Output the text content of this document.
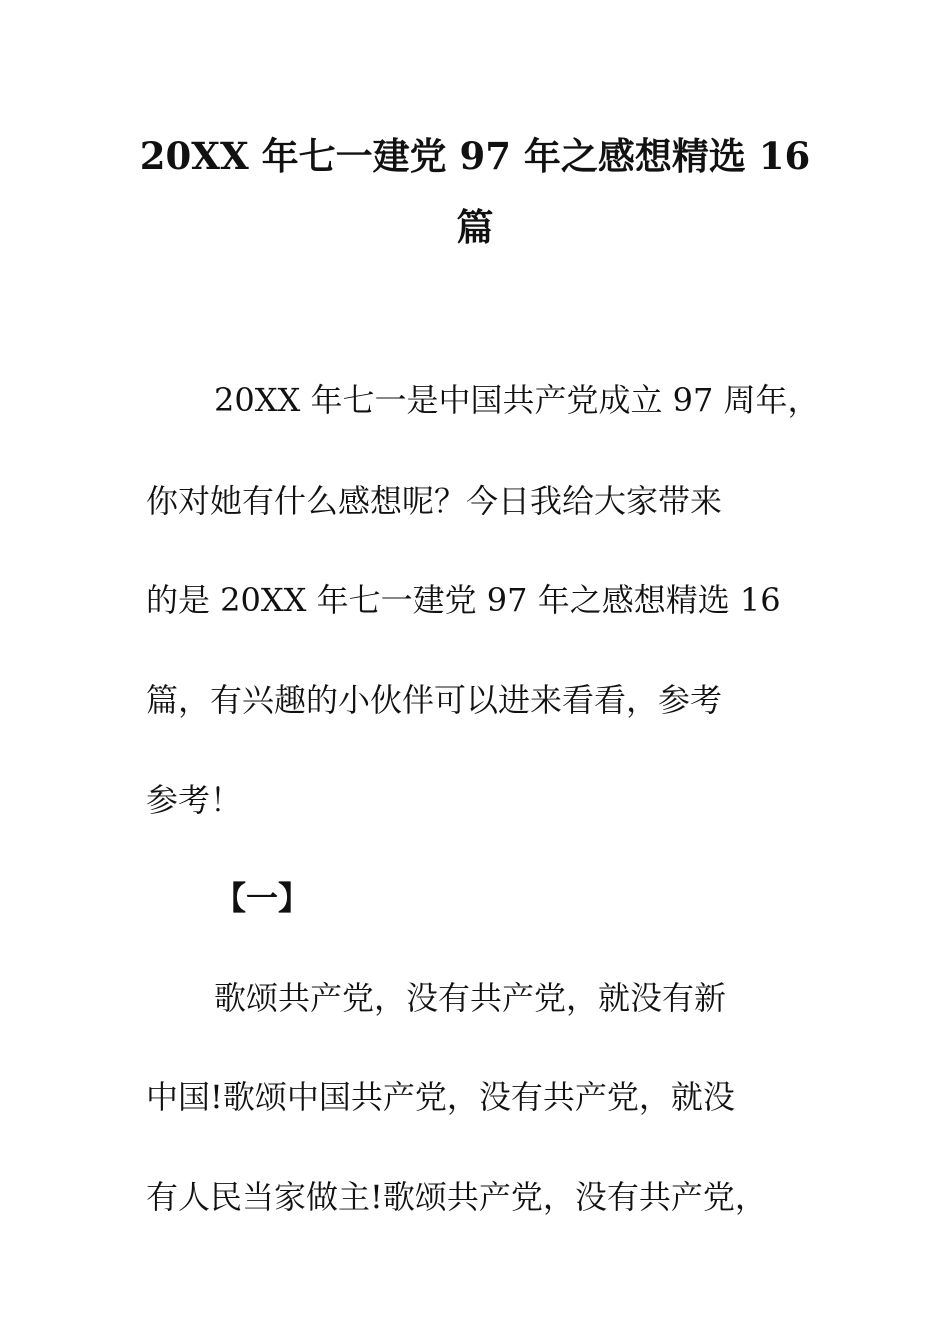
20XX 年七一建党 97 年之感想精选 16
篇
20XX 年七一是中国共产党成立 97 周年，
你对她有什么感想呢？今日我给大家带来
的是 20XX 年七一建党 97 年之感想精选 16
篇，有兴趣的小伙伴可以进来看看，参考
参考！
【一】
歌颂共产党，没有共产党，就没有新
中国!歌颂中国共产党，没有共产党，就没
有人民当家做主!歌颂共产党，没有共产党，
